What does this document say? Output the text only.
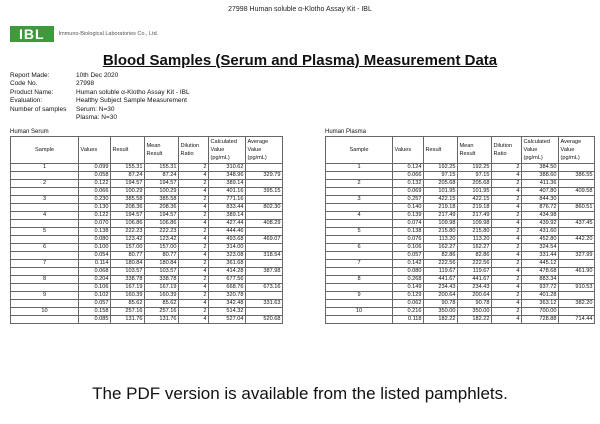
27998 Human soluble α-Klotho Assay Kit - IBL
IBL	Immuno-Biological Laboratories Co., Ltd.
Blood Samples (Serum and Plasma) Measurement Data
Report Made:	10th Dec 2020
Code No.	27998
Product Name:	Human soluble α-Klotho Assay Kit - IBL
Evaluation:	Healthy Subject Sample Measurement
Number of samples	Serum: N=30
Plasma: N=30
Human Serum	Human Plasma
Sample	Values	Result	Mean Result	Dilution Ratio	Calculated Value (pg/mL)	Average Value (pg/mL)
1	0.099	155.31	155.31	2	310.62	
	0.058	87.24	87.24	4	348.96	329.79
2	0.122	194.57	194.57	2	389.14	
	0.066	100.29	100.29	4	401.16	395.15
3	0.230	385.58	385.58	2	771.16	
	0.130	208.36	208.36	4	833.44	802.30
4	0.122	194.57	194.57	2	389.14	
	0.070	106.86	106.86	4	427.44	408.29
5	0.138	222.23	222.23	2	444.46	
	0.080	123.42	123.42	4	493.68	469.07
6	0.100	157.00	157.00	2	314.00	
	0.054	80.77	80.77	4	323.08	318.54
7	0.114	180.84	180.84	2	361.68	
	0.068	103.57	103.57	4	414.28	387.98
8	0.204	338.78	338.78	2	677.56	
	0.106	167.19	167.19	4	668.76	673.16
9	0.102	160.39	160.39	2	320.78	
	0.057	85.62	85.62	4	342.48	331.63
10	0.158	257.16	257.16	2	514.32	
	0.085	131.76	131.76	4	527.04	520.68
Sample	Values	Result	Mean Result	Dilution Ratio	Calculated Value (pg/mL)	Average Value (pg/mL)
1	0.124	192.25	192.25	2	384.50	
	0.066	97.15	97.15	4	388.60	386.55
2	0.132	205.68	205.68	2	411.36	
	0.069	101.95	101.95	4	407.80	409.58
3	0.257	422.15	422.15	2	844.30	
	0.140	219.18	219.18	4	876.72	860.51
4	0.139	217.49	217.49	2	434.98	
	0.074	109.98	109.98	4	439.92	437.45
5	0.138	215.80	215.80	2	431.60	
	0.076	113.20	113.20	4	452.80	442.20
6	0.106	162.27	162.27	2	324.54	
	0.057	82.86	82.86	4	331.44	327.99
7	0.142	222.56	222.56	2	445.12	
	0.080	119.67	119.67	4	478.68	461.90
8	0.268	441.67	441.67	2	883.34	
	0.149	234.43	234.43	4	937.72	910.53
9	0.129	200.64	200.64	2	401.28	
	0.062	90.78	90.78	4	363.12	382.20
10	0.216	350.00	350.00	2	700.00	
	0.118	182.22	182.22	4	728.88	714.44
The PDF version is available from the listed pamphlets.
